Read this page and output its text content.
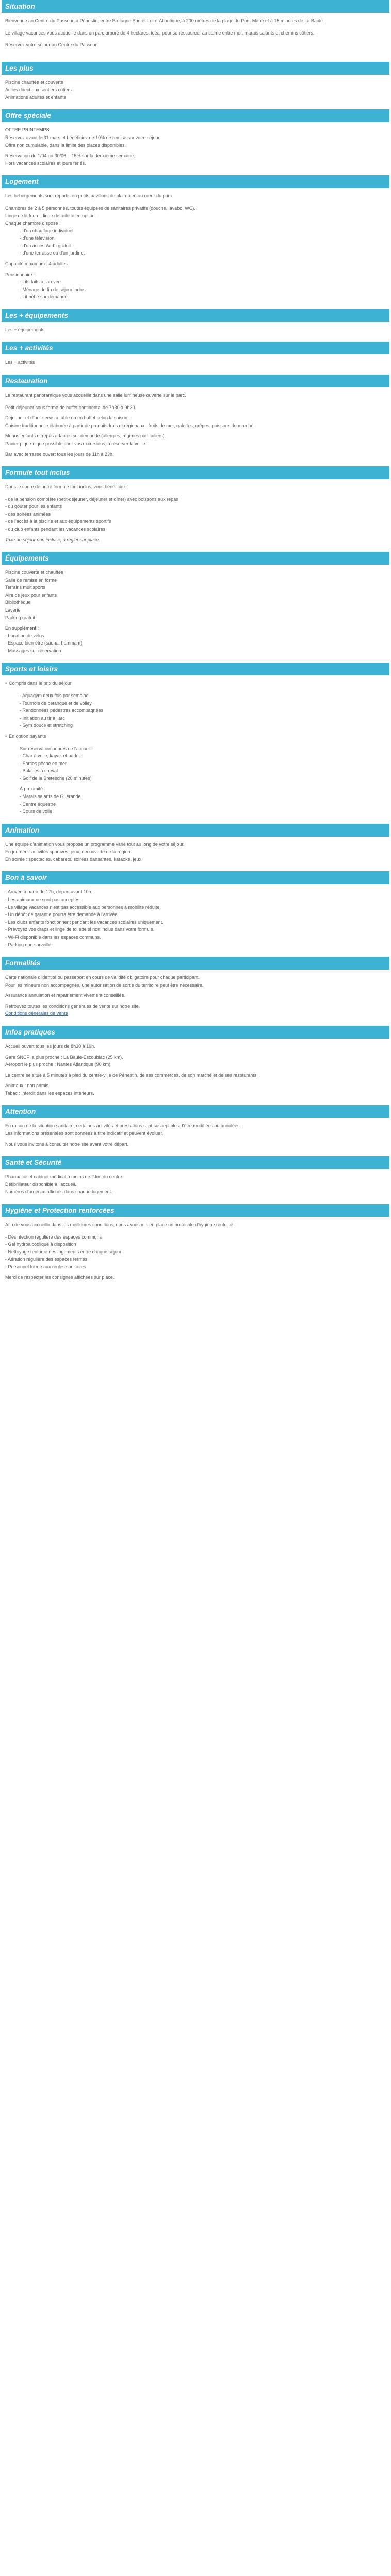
Situation

Bienvenue au Centre du Passeur, à Pénestin, entre Bretagne Sud et Loire-Atlantique, à 200 mètres de la plage du Pont-Mahé et à 15 minutes de La Baule.

Le village vacances vous accueille dans un parc arboré de 4 hectares, idéal pour se ressourcer au calme entre mer, marais salants et chemins côtiers.

Réservez votre séjour au Centre du Passeur !

Les plus
Piscine chauffée et couverte
Accès direct aux sentiers côtiers
Animations adultes et enfants
Offre spéciale
OFFRE PRINTEMPS
Réservez avant le 31 mars et bénéficiez de 10% de remise sur votre séjour.
Offre non cumulable, dans la limite des places disponibles.
Réservation du 1/04 au 30/06 : -15% sur la deuxième semaine.
Hors vacances scolaires et jours fériés.
Logement

Les hébergements sont répartis en petits pavillons de plain-pied au cœur du parc.

Chambres de 2 à 5 personnes, toutes équipées de sanitaires privatifs (douche, lavabo, WC).
Linge de lit fourni, linge de toilette en option.
Chaque chambre dispose :
- d'un chauffage individuel
- d'une télévision
- d'un accès Wi-Fi gratuit
- d'une terrasse ou d'un jardinet
Capacité maximum : 4 adultes
Pensionnaire :
- Lits faits à l'arrivée
- Ménage de fin de séjour inclus
- Lit bébé sur demande
Les + équipements
Les + équipements
Les + activités
Les + activités
Restauration

Le restaurant panoramique vous accueille dans une salle lumineuse ouverte sur le parc.

Petit-déjeuner sous forme de buffet continental de 7h30 à 9h30.
Déjeuner et dîner servis à table ou en buffet selon la saison.
Cuisine traditionnelle élaborée à partir de produits frais et régionaux : fruits de mer, galettes, crêpes, poissons du marché.
Menus enfants et repas adaptés sur demande (allergies, régimes particuliers).
Panier pique-nique possible pour vos excursions, à réserver la veille.
Bar avec terrasse ouvert tous les jours de 11h à 23h.
Formule tout inclus

Dans le cadre de notre formule tout inclus, vous bénéficiez :

- de la pension complète (petit-déjeuner, déjeuner et dîner) avec boissons aux repas
- du goûter pour les enfants
- des soirées animées
- de l'accès à la piscine et aux équipements sportifs
- du club enfants pendant les vacances scolaires
Taxe de séjour non incluse, à régler sur place.
Équipements
Piscine couverte et chauffée
Salle de remise en forme
Terrains multisports
Aire de jeux pour enfants
Bibliothèque
Laverie
Parking gratuit
En supplément :
- Location de vélos
- Espace bien-être (sauna, hammam)
- Massages sur réservation
Sports et loisirs
• Compris dans le prix du séjour
- Aquagym deux fois par semaine
- Tournois de pétanque et de volley
- Randonnées pédestres accompagnées
- Initiation au tir à l'arc
- Gym douce et stretching
• En option payante
Sur réservation auprès de l'accueil :
- Char à voile, kayak et paddle
- Sorties pêche en mer
- Balades à cheval
- Golf de la Bretesche (20 minutes)
À proximité :
- Marais salants de Guérande
- Centre équestre
- Cours de voile
Animation
Une équipe d'animation vous propose un programme varié tout au long de votre séjour.
En journée : activités sportives, jeux, découverte de la région.
En soirée : spectacles, cabarets, soirées dansantes, karaoké, jeux.
Bon à savoir
- Arrivée à partir de 17h, départ avant 10h.
- Les animaux ne sont pas acceptés.
- Le village vacances n'est pas accessible aux personnes à mobilité réduite.
- Un dépôt de garantie pourra être demandé à l'arrivée.
- Les clubs enfants fonctionnent pendant les vacances scolaires uniquement.
- Prévoyez vos draps et linge de toilette si non inclus dans votre formule.
- Wi-Fi disponible dans les espaces communs.
- Parking non surveillé.
Formalités
Carte nationale d'identité ou passeport en cours de validité obligatoire pour chaque participant.
Pour les mineurs non accompagnés, une autorisation de sortie du territoire peut être nécessaire.
Assurance annulation et rapatriement vivement conseillée.
Retrouvez toutes les conditions générales de vente sur notre site.
Conditions générales de vente
Infos pratiques
Accueil ouvert tous les jours de 8h30 à 19h.
Gare SNCF la plus proche : La Baule-Escoublac (25 km).
Aéroport le plus proche : Nantes Atlantique (90 km).
Le centre se situe à 5 minutes à pied du centre-ville de Pénestin, de ses commerces, de son marché et de ses restaurants.
Animaux : non admis.
Tabac : interdit dans les espaces intérieurs.
Attention
En raison de la situation sanitaire, certaines activités et prestations sont susceptibles d'être modifiées ou annulées.
Les informations présentées sont données à titre indicatif et peuvent évoluer.
Nous vous invitons à consulter notre site avant votre départ.
Santé et Sécurité
Pharmacie et cabinet médical à moins de 2 km du centre.
Défibrillateur disponible à l'accueil.
Numéros d'urgence affichés dans chaque logement.
Hygiène et Protection renforcées

Afin de vous accueillir dans les meilleures conditions, nous avons mis en place un protocole d'hygiène renforcé :

- Désinfection régulière des espaces communs
- Gel hydroalcoolique à disposition
- Nettoyage renforcé des logements entre chaque séjour
- Aération régulière des espaces fermés
- Personnel formé aux règles sanitaires
Merci de respecter les consignes affichées sur place.
